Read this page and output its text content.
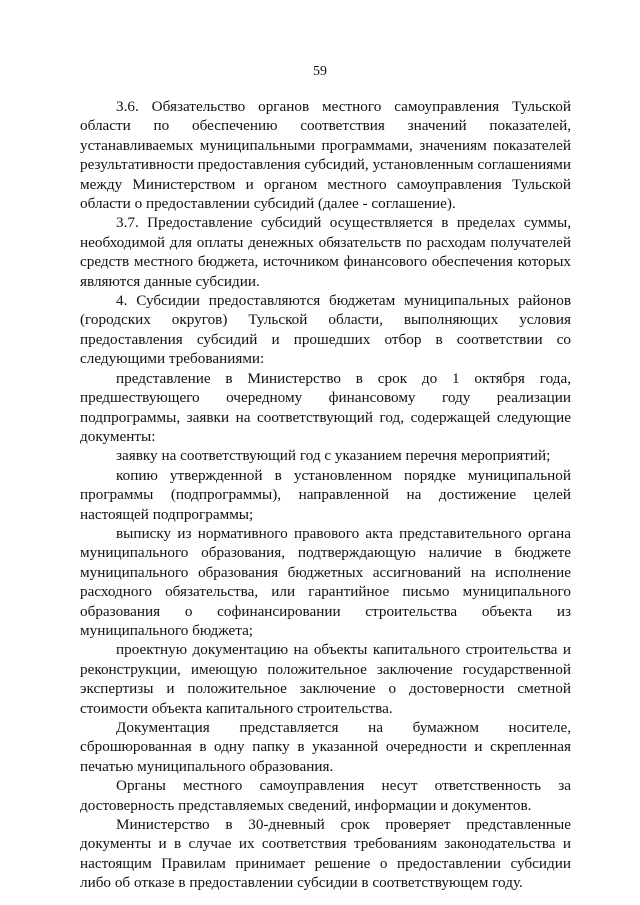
59

3.6. Обязательство органов местного самоуправления Тульской области по обеспечению соответствия значений показателей, устанавливаемых муниципальными программами, значениям показателей результативности предоставления субсидий, установленным соглашениями между Министерством и органом местного самоуправления Тульской области о предоставлении субсидий (далее - соглашение).

3.7. Предоставление субсидий осуществляется в пределах суммы, необходимой для оплаты денежных обязательств по расходам получателей средств местного бюджета, источником финансового обеспечения которых являются данные субсидии.

4. Субсидии предоставляются бюджетам муниципальных районов (городских округов) Тульской области, выполняющих условия предоставления субсидий и прошедших отбор в соответствии со следующими требованиями:

представление в Министерство в срок до 1 октября года, предшествующего очередному финансовому году реализации подпрограммы, заявки на соответствующий год, содержащей следующие документы:

заявку на соответствующий год с указанием перечня мероприятий;

копию утвержденной в установленном порядке муниципальной программы (подпрограммы), направленной на достижение целей настоящей подпрограммы;

выписку из нормативного правового акта представительного органа муниципального образования, подтверждающую наличие в бюджете муниципального образования бюджетных ассигнований на исполнение расходного обязательства, или гарантийное письмо муниципального образования о софинансировании строительства объекта из муниципального бюджета;

проектную документацию на объекты капитального строительства и реконструкции, имеющую положительное заключение государственной экспертизы и положительное заключение о достоверности сметной стоимости объекта капитального строительства.

Документация представляется на бумажном носителе, сброшюрованная в одну папку в указанной очередности и скрепленная печатью муниципального образования.

Органы местного самоуправления несут ответственность за достоверность представляемых сведений, информации и документов.

Министерство в 30-дневный срок проверяет представленные документы и в случае их соответствия требованиям законодательства и настоящим Правилам принимает решение о предоставлении субсидии либо об отказе в предоставлении субсидии в соответствующем году.
